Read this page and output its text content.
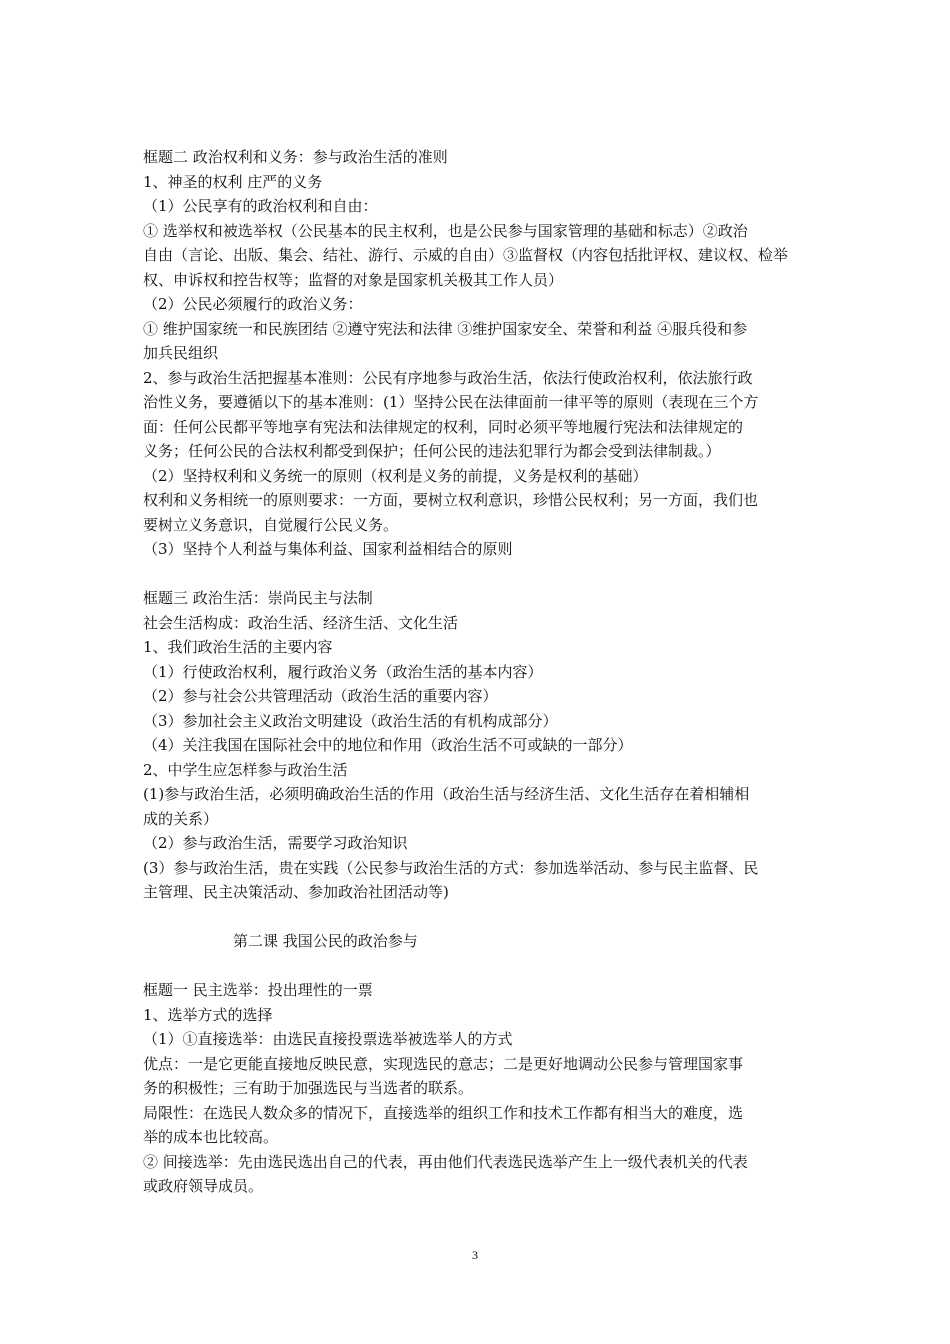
框题二 政治权利和义务：参与政治生活的准则
1、神圣的权利 庄严的义务
（1）公民享有的政治权利和自由：
① 选举权和被选举权（公民基本的民主权利，也是公民参与国家管理的基础和标志）②政治
自由（言论、出版、集会、结社、游行、示威的自由）③监督权（内容包括批评权、建议权、检举
权、申诉权和控告权等；监督的对象是国家机关极其工作人员）
（2）公民必须履行的政治义务：
① 维护国家统一和民族团结 ②遵守宪法和法律 ③维护国家安全、荣誉和利益 ④服兵役和参
加兵民组织
2、参与政治生活把握基本准则：公民有序地参与政治生活，依法行使政治权利，依法旅行政
治性义务，要遵循以下的基本准则：(1）坚持公民在法律面前一律平等的原则（表现在三个方
面：任何公民都平等地享有宪法和法律规定的权利，同时必须平等地履行宪法和法律规定的
义务；任何公民的合法权利都受到保护；任何公民的违法犯罪行为都会受到法律制裁。）
（2）坚持权利和义务统一的原则（权利是义务的前提，义务是权利的基础）
权利和义务相统一的原则要求：一方面，要树立权利意识，珍惜公民权利；另一方面，我们也
要树立义务意识，自觉履行公民义务。
（3）坚持个人利益与集体利益、国家利益相结合的原则
框题三 政治生活：崇尚民主与法制
社会生活构成：政治生活、经济生活、文化生活
1、我们政治生活的主要内容
（1）行使政治权利，履行政治义务（政治生活的基本内容）
（2）参与社会公共管理活动（政治生活的重要内容）
（3）参加社会主义政治文明建设（政治生活的有机构成部分）
（4）关注我国在国际社会中的地位和作用（政治生活不可或缺的一部分）
2、中学生应怎样参与政治生活
(1)参与政治生活，必须明确政治生活的作用（政治生活与经济生活、文化生活存在着相辅相
成的关系）
（2）参与政治生活，需要学习政治知识
(3）参与政治生活，贵在实践（公民参与政治生活的方式：参加选举活动、参与民主监督、民
主管理、民主决策活动、参加政治社团活动等)
第二课 我国公民的政治参与
框题一 民主选举：投出理性的一票
1、选举方式的选择
（1）①直接选举：由选民直接投票选举被选举人的方式
优点：一是它更能直接地反映民意，实现选民的意志；二是更好地调动公民参与管理国家事
务的积极性；三有助于加强选民与当选者的联系。
局限性：在选民人数众多的情况下，直接选举的组织工作和技术工作都有相当大的难度，选
举的成本也比较高。
② 间接选举：先由选民选出自己的代表，再由他们代表选民选举产生上一级代表机关的代表
或政府领导成员。
3
